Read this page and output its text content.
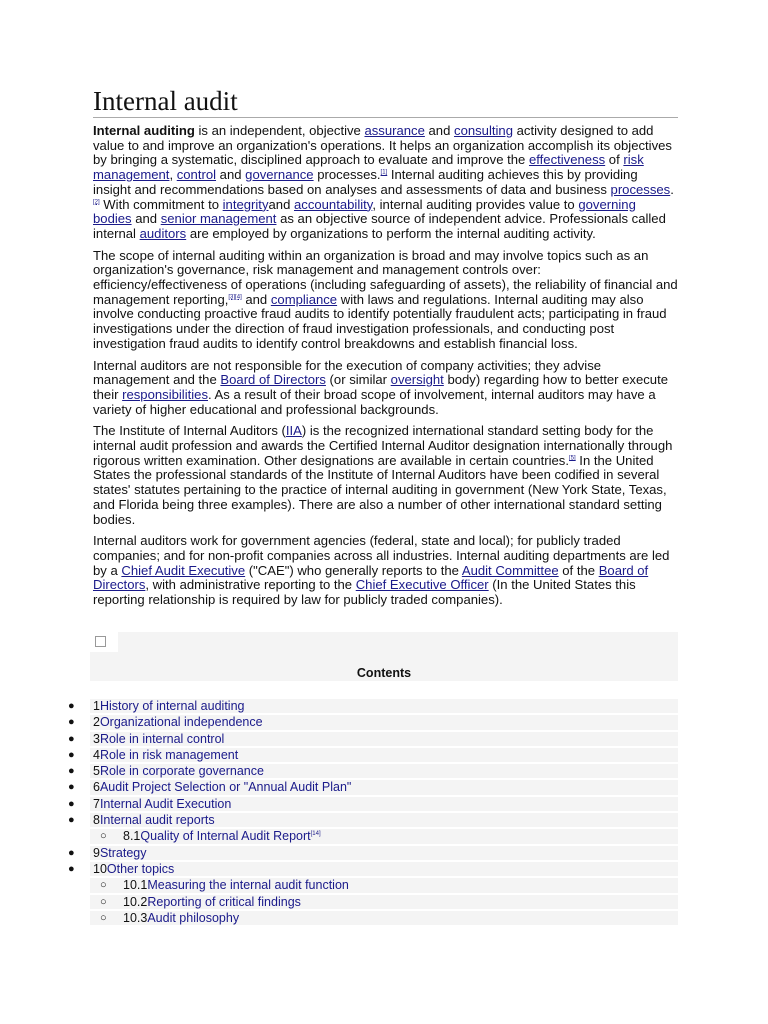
Internal audit

Internal auditing is an independent, objective assurance and consulting activity designed to add value to and improve an organization's operations. It helps an organization accomplish its objectives by bringing a systematic, disciplined approach to evaluate and improve the effectiveness of risk management, control and governance processes.[1] Internal auditing achieves this by providing insight and recommendations based on analyses and assessments of data and business processes.[2] With commitment to integrityand accountability, internal auditing provides value to governing bodies and senior management as an objective source of independent advice. Professionals called internal auditors are employed by organizations to perform the internal auditing activity.

The scope of internal auditing within an organization is broad and may involve topics such as an organization's governance, risk management and management controls over: efficiency/effectiveness of operations (including safeguarding of assets), the reliability of financial and management reporting,[3][4] and compliance with laws and regulations. Internal auditing may also involve conducting proactive fraud audits to identify potentially fraudulent acts; participating in fraud investigations under the direction of fraud investigation professionals, and conducting post investigation fraud audits to identify control breakdowns and establish financial loss.

Internal auditors are not responsible for the execution of company activities; they advise management and the Board of Directors (or similar oversight body) regarding how to better execute their responsibilities. As a result of their broad scope of involvement, internal auditors may have a variety of higher educational and professional backgrounds.

The Institute of Internal Auditors (IIA) is the recognized international standard setting body for the internal audit profession and awards the Certified Internal Auditor designation internationally through rigorous written examination. Other designations are available in certain countries.[5] In the United States the professional standards of the Institute of Internal Auditors have been codified in several states' statutes pertaining to the practice of internal auditing in government (New York State, Texas, and Florida being three examples). There are also a number of other international standard setting bodies.

Internal auditors work for government agencies (federal, state and local); for publicly traded companies; and for non-profit companies across all industries. Internal auditing departments are led by a Chief Audit Executive ("CAE") who generally reports to the Audit Committee of the Board of Directors, with administrative reporting to the Chief Executive Officer (In the United States this reporting relationship is required by law for publicly traded companies).

Contents
● 1History of internal auditing
● 2Organizational independence
● 3Role in internal control
● 4Role in risk management
● 5Role in corporate governance
● 6Audit Project Selection or "Annual Audit Plan"
● 7Internal Audit Execution
● 8Internal audit reports
○ 8.1Quality of Internal Audit Report[14]
● 9Strategy
● 10Other topics
○ 10.1Measuring the internal audit function
○ 10.2Reporting of critical findings
○ 10.3Audit philosophy
